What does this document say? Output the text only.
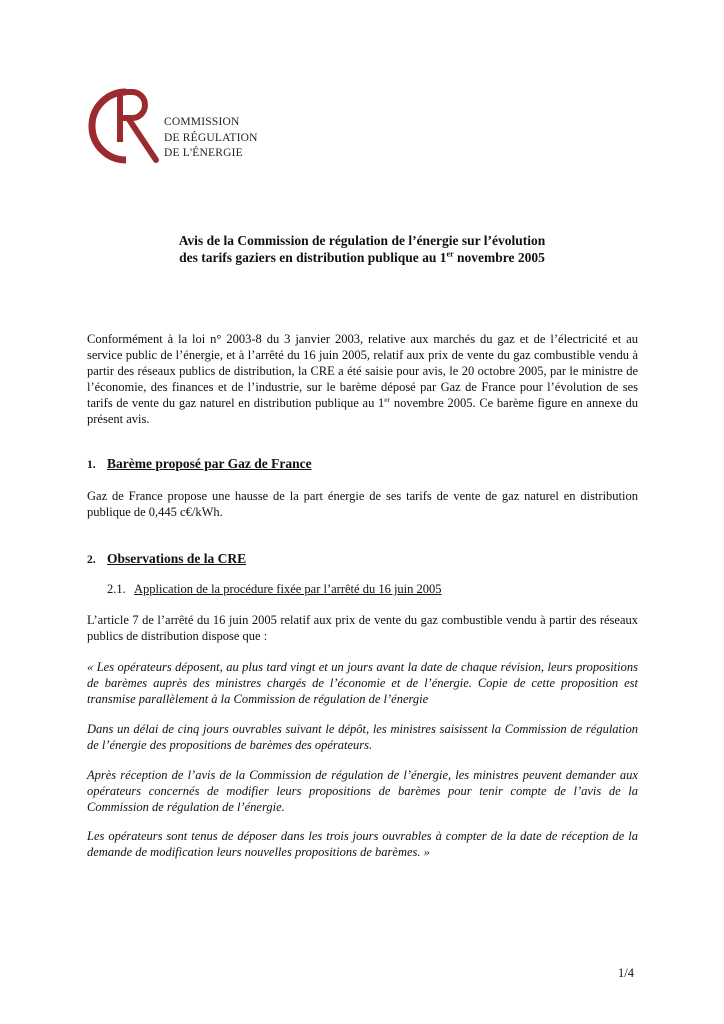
COMMISSION
DE RÉGULATION
DE L'ÉNERGIE
Avis de la Commission de régulation de l’énergie sur l’évolution
des tarifs gaziers en distribution publique au 1er novembre 2005
Conformément à la loi n° 2003-8 du 3 janvier 2003, relative aux marchés du gaz et de l’électricité et au service public de l’énergie, et à l’arrêté du 16 juin 2005, relatif aux prix de vente du gaz combustible vendu à partir des réseaux publics de distribution, la CRE a été saisie pour avis, le 20 octobre 2005, par le ministre de l’économie, des finances et de l’industrie, sur le barème déposé par Gaz de France pour l’évolution de ses tarifs de vente du gaz naturel en distribution publique au 1er novembre 2005. Ce barème figure en annexe du présent avis.
1. Barème proposé par Gaz de France
Gaz de France propose une hausse de la part énergie de ses tarifs de vente de gaz naturel en distribution publique de 0,445 c€/kWh.
2. Observations de la CRE
2.1. Application de la procédure fixée par l’arrêté du 16 juin 2005
L’article 7 de l’arrêté du 16 juin 2005 relatif aux prix de vente du gaz combustible vendu à partir des réseaux publics de distribution dispose que :
« Les opérateurs déposent, au plus tard vingt et un jours avant la date de chaque révision, leurs propositions de barèmes auprès des ministres chargés de l’économie et de l’énergie. Copie de cette proposition est transmise parallèlement à la Commission de régulation de l’énergie
Dans un délai de cinq jours ouvrables suivant le dépôt, les ministres saisissent la Commission de régulation de l’énergie des propositions de barèmes des opérateurs.
Après réception de l’avis de la Commission de régulation de l’énergie, les ministres peuvent demander aux opérateurs concernés de modifier leurs propositions de barèmes pour tenir compte de l’avis de la Commission de régulation de l’énergie.
Les opérateurs sont tenus de déposer dans les trois jours ouvrables à compter de la date de réception de la demande de modification leurs nouvelles propositions de barèmes. »
1/4
